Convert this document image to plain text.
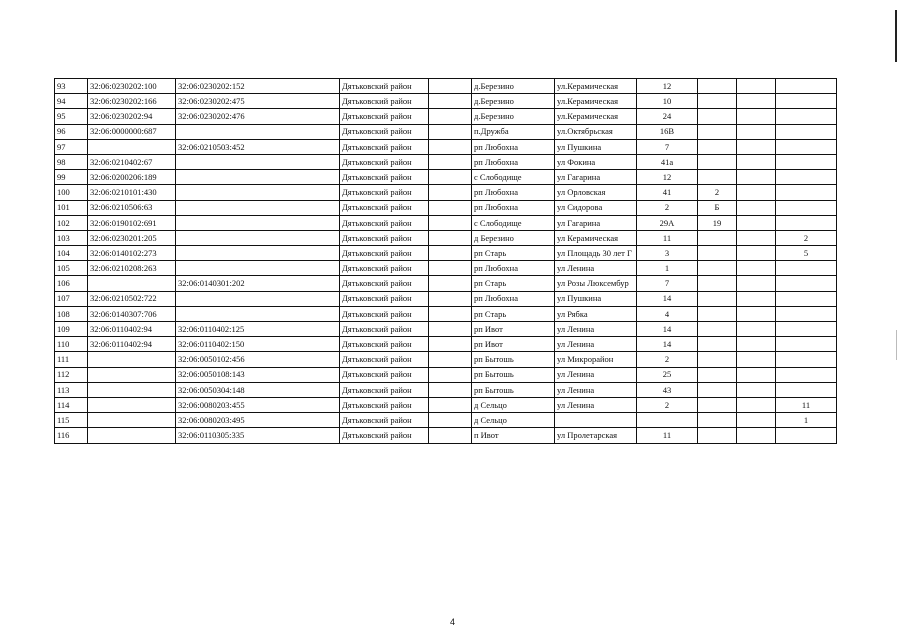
93	32:06:0230202:100	32:06:0230202:152	Дятьковский район		д.Березино	ул.Керамическая	12			
94	32:06:0230202:166	32:06:0230202:475	Дятьковский район		д.Березино	ул.Керамическая	10			
95	32:06:0230202:94	32:06:0230202:476	Дятьковский район		д.Березино	ул.Керамическая	24			
96	32:06:0000000:687		Дятьковский район		п.Дружба	ул.Октябрьская	16В			
97		32:06:0210503:452	Дятьковский район		рп Любохна	ул Пушкина	7			
98	32:06:0210402:67		Дятьковский район		рп Любохна	ул Фокина	41а			
99	32:06:0200206:189		Дятьковский район		с Слободище	ул Гагарина	12			
100	32:06:0210101:430		Дятьковский район		рп Любохна	ул Орловская	41	2		
101	32:06:0210506:63		Дятьковский район		рп Любохна	ул Сидорова	2	Б		
102	32:06:0190102:691		Дятьковский район		с Слободище	ул Гагарина	29А	19		
103	32:06:0230201:205		Дятьковский район		д Березино	ул Керамическая	11			2
104	32:06:0140102:273		Дятьковский район		рп Старь	ул Площадь 30 лет Г	3			5
105	32:06:0210208:263		Дятьковский район		рп Любохна	ул Ленина	1			
106		32:06:0140301:202	Дятьковский район		рп Старь	ул Розы Люксембур	7			
107	32:06:0210502:722		Дятьковский район		рп Любохна	ул Пушкина	14			
108	32:06:0140307:706		Дятьковский район		рп Старь	ул Рябка	4			
109	32:06:0110402:94	32:06:0110402:125	Дятьковский район		рп Ивот	ул Ленина	14			
110	32:06:0110402:94	32:06:0110402:150	Дятьковский район		рп Ивот	ул Ленина	14			
111		32:06:0050102:456	Дятьковский район		рп Бытошь	ул Микрорайон	2			
112		32:06:0050108:143	Дятьковский район		рп Бытошь	ул Ленина	25			
113		32:06:0050304:148	Дятьковский район		рп Бытошь	ул Ленина	43			
114		32:06:0080203:455	Дятьковский район		д Сельцо	ул Ленина	2			11
115		32:06:0080203:495	Дятьковский район		д Сельцо					1
116		32:06:0110305:335	Дятьковский район		п Ивот	ул Пролетарская	11			
4
